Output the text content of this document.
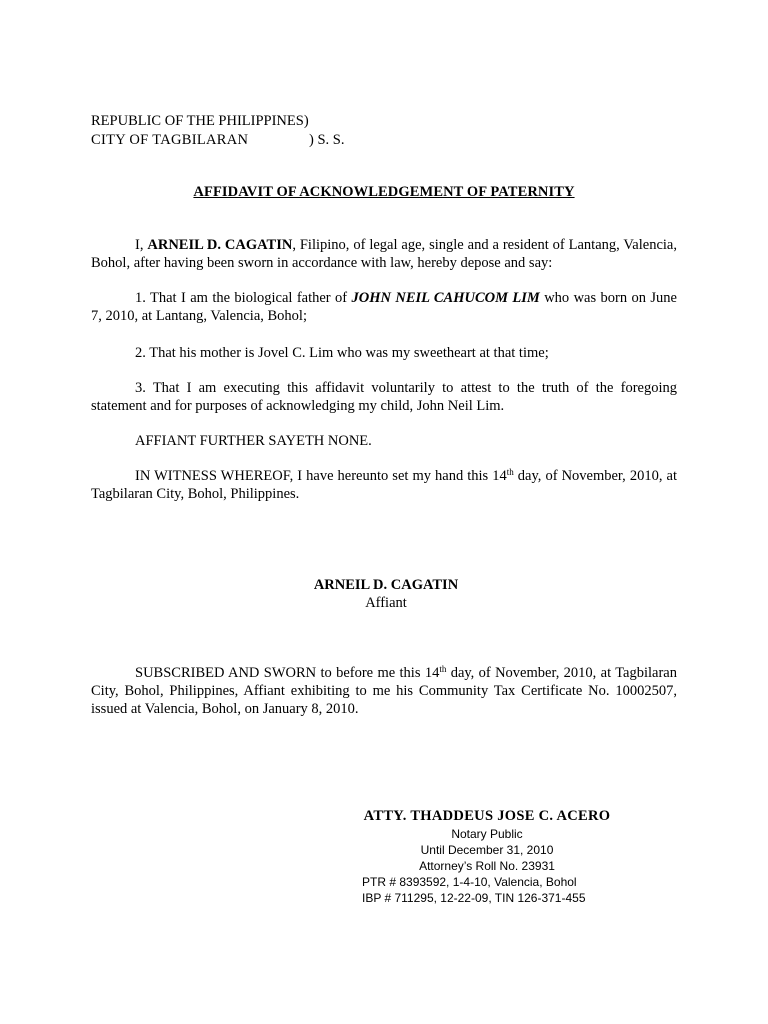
REPUBLIC OF THE PHILIPPINES)
CITY OF TAGBILARAN	) S. S.
AFFIDAVIT OF ACKNOWLEDGEMENT OF PATERNITY

I, ARNEIL D. CAGATIN, Filipino, of legal age, single and a resident of Lantang, Valencia, Bohol, after having been sworn in accordance with law, hereby depose and say:

1. That I am the biological father of JOHN NEIL CAHUCOM LIM who was born on June 7, 2010, at Lantang, Valencia, Bohol;

2. That his mother is Jovel C. Lim who was my sweetheart at that time;

3. That I am executing this affidavit voluntarily to attest to the truth of the foregoing statement and for purposes of acknowledging my child, John Neil Lim.

AFFIANT FURTHER SAYETH NONE.

IN WITNESS WHEREOF, I have hereunto set my hand this 14th day, of November, 2010, at Tagbilaran City, Bohol, Philippines.

ARNEIL D. CAGATIN
Affiant

SUBSCRIBED AND SWORN to before me this 14th day, of November, 2010, at Tagbilaran City, Bohol, Philippines, Affiant exhibiting to me his Community Tax Certificate No. 10002507, issued at Valencia, Bohol, on January 8, 2010.

ATTY. THADDEUS JOSE C. ACERO
Notary Public
Until December 31, 2010
Attorney’s Roll No. 23931
PTR # 8393592, 1-4-10, Valencia, Bohol
IBP # 711295, 12-22-09, TIN 126-371-455
